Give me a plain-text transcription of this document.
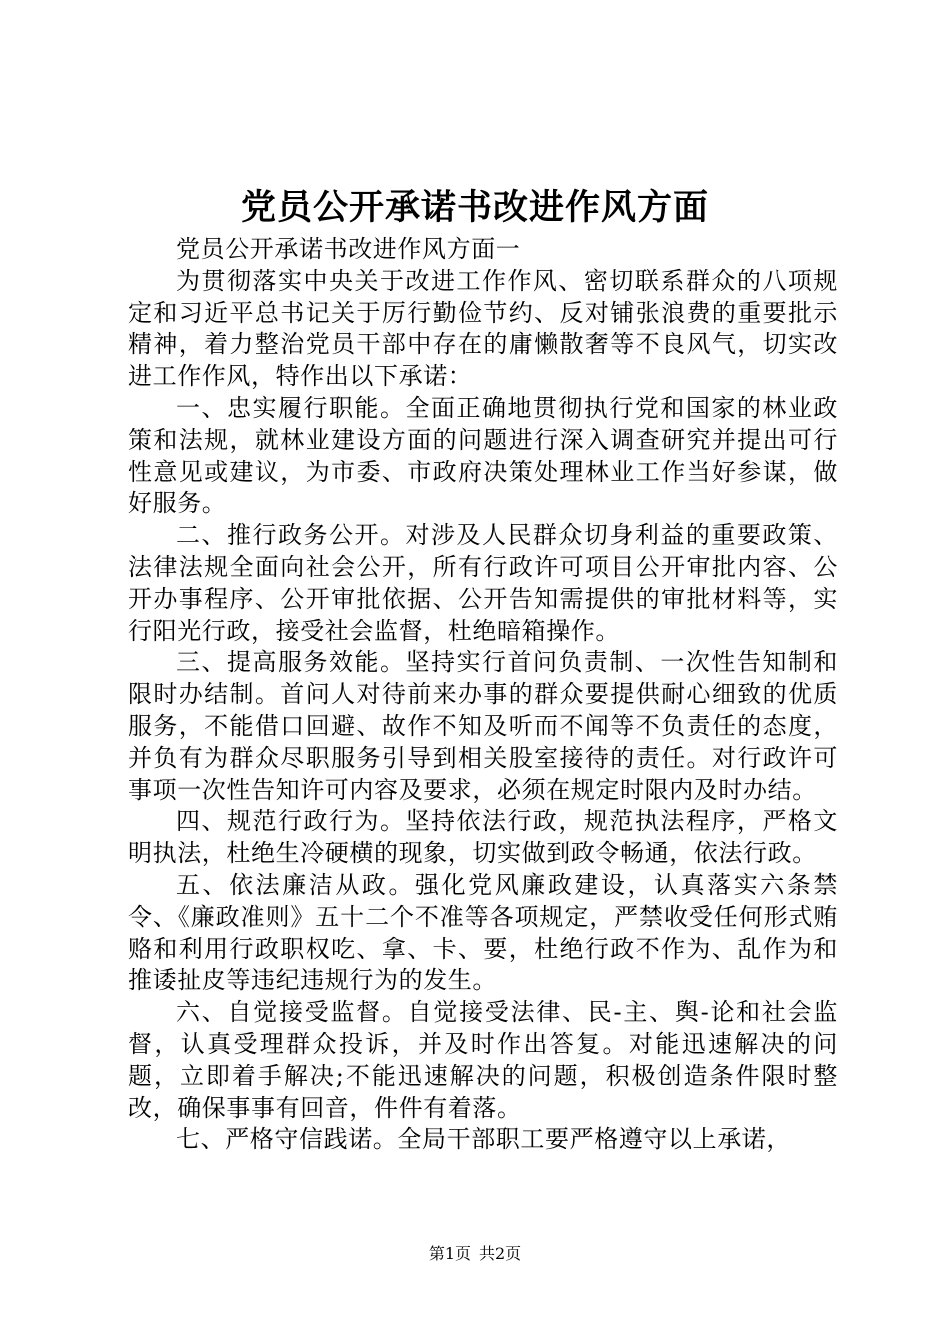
党员公开承诺书改进作风方面

党员公开承诺书改进作风方面一

为贯彻落实中央关于改进工作作风、密切联系群众的八项规定和习近平总书记关于厉行勤俭节约、反对铺张浪费的重要批示精神，着力整治党员干部中存在的庸懒散奢等不良风气，切实改进工作作风，特作出以下承诺：

一、忠实履行职能。全面正确地贯彻执行党和国家的林业政策和法规，就林业建设方面的问题进行深入调查研究并提出可行性意见或建议，为市委、市政府决策处理林业工作当好参谋，做好服务。

二、推行政务公开。对涉及人民群众切身利益的重要政策、法律法规全面向社会公开，所有行政许可项目公开审批内容、公开办事程序、公开审批依据、公开告知需提供的审批材料等，实行阳光行政，接受社会监督，杜绝暗箱操作。

三、提高服务效能。坚持实行首问负责制、一次性告知制和限时办结制。首问人对待前来办事的群众要提供耐心细致的优质服务，不能借口回避、故作不知及听而不闻等不负责任的态度，并负有为群众尽职服务引导到相关股室接待的责任。对行政许可事项一次性告知许可内容及要求，必须在规定时限内及时办结。

四、规范行政行为。坚持依法行政，规范执法程序，严格文明执法，杜绝生冷硬横的现象，切实做到政令畅通，依法行政。

五、依法廉洁从政。强化党风廉政建设，认真落实六条禁令、《廉政准则》五十二个不准等各项规定，严禁收受任何形式贿赂和利用行政职权吃、拿、卡、要，杜绝行政不作为、乱作为和推诿扯皮等违纪违规行为的发生。

六、自觉接受监督。自觉接受法律、民-主、舆-论和社会监督，认真受理群众投诉，并及时作出答复。对能迅速解决的问题，立即着手解决;不能迅速解决的问题，积极创造条件限时整改，确保事事有回音，件件有着落。

七、严格守信践诺。全局干部职工要严格遵守以上承诺，

第1页 共2页
